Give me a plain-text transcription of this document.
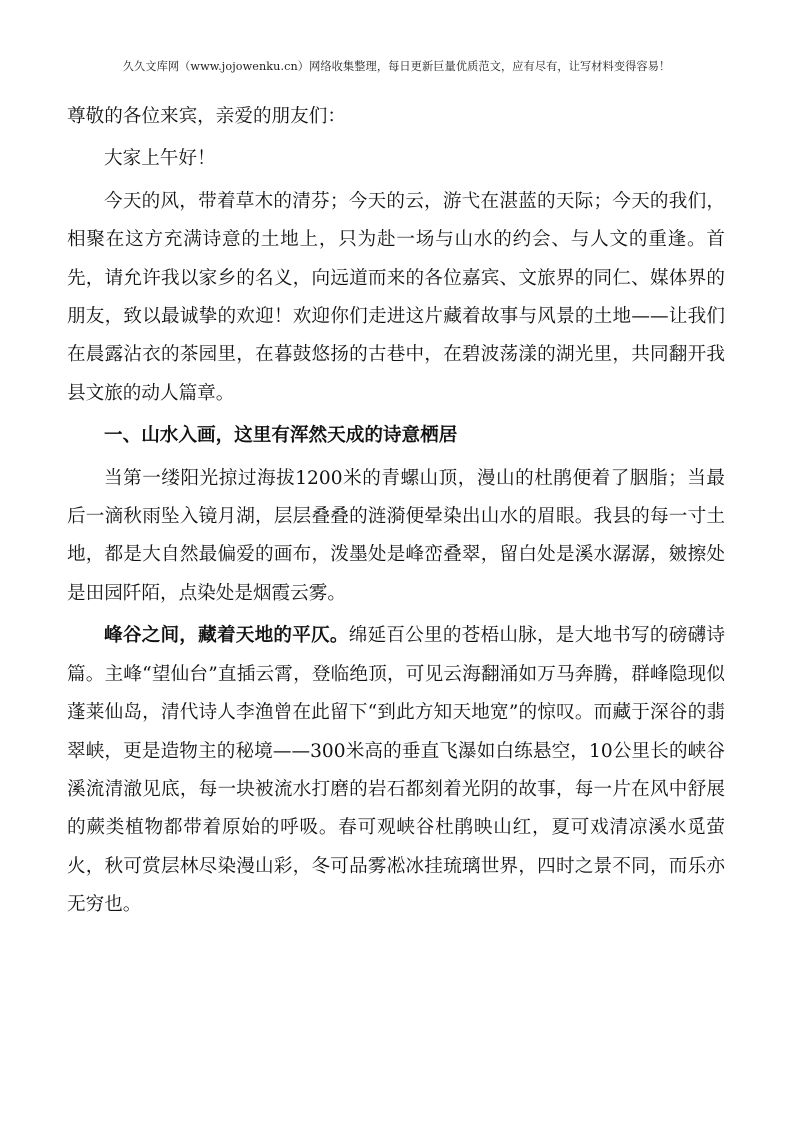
久久文库网（www.jojowenku.cn）网络收集整理，每日更新巨量优质范文，应有尽有，让写材料变得容易！

尊敬的各位来宾，亲爱的朋友们：

大家上午好！

今天的风，带着草木的清芬；今天的云，游弋在湛蓝的天际；今天的我们，相聚在这方充满诗意的土地上，只为赴一场与山水的约会、与人文的重逢。首先，请允许我以家乡的名义，向远道而来的各位嘉宾、文旅界的同仁、媒体界的朋友，致以最诚挚的欢迎！欢迎你们走进这片藏着故事与风景的土地——让我们在晨露沾衣的茶园里，在暮鼓悠扬的古巷中，在碧波荡漾的湖光里，共同翻开我县文旅的动人篇章。

一、山水入画，这里有浑然天成的诗意栖居

当第一缕阳光掠过海拔1200米的青螺山顶，漫山的杜鹃便着了胭脂；当最后一滴秋雨坠入镜月湖，层层叠叠的涟漪便晕染出山水的眉眼。我县的每一寸土地，都是大自然最偏爱的画布，泼墨处是峰峦叠翠，留白处是溪水潺潺，皴擦处是田园阡陌，点染处是烟霞云雾。

峰谷之间，藏着天地的平仄。绵延百公里的苍梧山脉，是大地书写的磅礴诗篇。主峰“望仙台”直插云霄，登临绝顶，可见云海翻涌如万马奔腾，群峰隐现似蓬莱仙岛，清代诗人李渔曾在此留下“到此方知天地宽”的惊叹。而藏于深谷的翡翠峡，更是造物主的秘境——300米高的垂直飞瀑如白练悬空，10公里长的峡谷溪流清澈见底，每一块被流水打磨的岩石都刻着光阴的故事，每一片在风中舒展的蕨类植物都带着原始的呼吸。春可观峡谷杜鹃映山红，夏可戏清凉溪水觅萤火，秋可赏层林尽染漫山彩，冬可品雾凇冰挂琉璃世界，四时之景不同，而乐亦无穷也。
